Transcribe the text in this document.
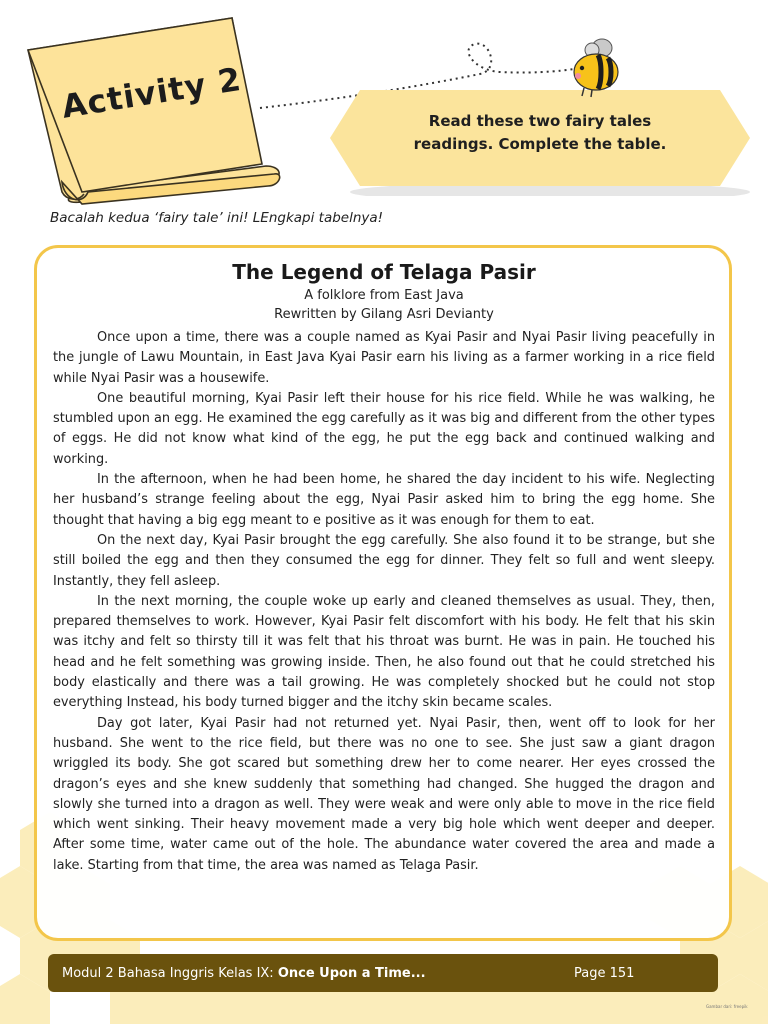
Activity 2	Read these two fairy tales
readings. Complete the table.

Bacalah kedua ‘fairy tale’ ini! LEngkapi tabelnya!

The Legend of Telaga Pasir

A folklore from East Java

Rewritten by Gilang Asri Devianty

Once upon a time, there was a couple named as Kyai Pasir and Nyai Pasir living peacefully in the jungle of Lawu Mountain, in East Java Kyai Pasir earn his living as a farmer working in a rice field while Nyai Pasir was a housewife.

One beautiful morning, Kyai Pasir left their house for his rice field. While he was walking, he stumbled upon an egg. He examined the egg carefully as it was big and different from the other types of eggs. He did not know what kind of the egg, he put the egg back and continued walking and working.

In the afternoon, when he had been home, he shared the day incident to his wife. Neglecting her husband’s strange feeling about the egg, Nyai Pasir asked him to bring the egg home. She thought that having a big egg meant to e positive as it was enough for them to eat.

On the next day, Kyai Pasir brought the egg carefully. She also found it to be strange, but she still boiled the egg and then they consumed the egg for dinner. They felt so full and went sleepy. Instantly, they fell asleep.

In the next morning, the couple woke up early and cleaned themselves as usual. They, then, prepared themselves to work. However, Kyai Pasir felt discomfort with his body. He felt that his skin was itchy and felt so thirsty till it was felt that his throat was burnt. He was in pain. He touched his head and he felt something was growing inside. Then, he also found out that he could stretched his body elastically and there was a tail growing. He was completely shocked but he could not stop everything Instead, his body turned bigger and the itchy skin became scales.

Day got later, Kyai Pasir had not returned yet. Nyai Pasir, then, went off to look for her husband. She went to the rice field, but there was no one to see. She just saw a giant dragon wriggled its body. She got scared but something drew her to come nearer. Her eyes crossed the dragon’s eyes and she knew suddenly that something had changed. She hugged the dragon and slowly she turned into a dragon as well. They were weak and were only able to move in the rice field which went sinking. Their heavy movement made a very big hole which went deeper and deeper. After some time, water came out of the hole. The abundance water covered the area and made a lake. Starting from that time, the area was named as Telaga Pasir.

Modul 2 Bahasa Inggris Kelas IX: Once Upon a Time...	Page 151

Gambar dari: freepik
